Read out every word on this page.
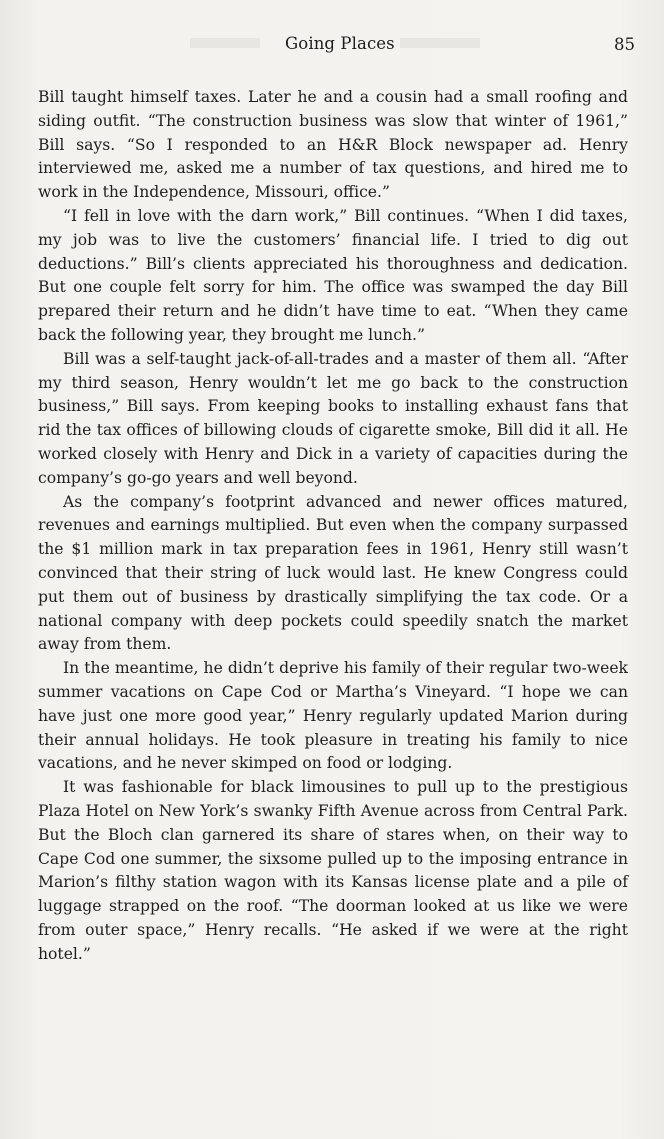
Going Places	85

Bill taught himself taxes. Later he and a cousin had a small roofing and siding outfit. “The construction business was slow that winter of 1961,” Bill says. “So I responded to an H&R Block newspaper ad. Henry interviewed me, asked me a number of tax questions, and hired me to work in the Independence, Missouri, office.”

“I fell in love with the darn work,” Bill continues. “When I did taxes, my job was to live the customers’ financial life. I tried to dig out deductions.” Bill’s clients appreciated his thoroughness and dedication. But one couple felt sorry for him. The office was swamped the day Bill prepared their return and he didn’t have time to eat. “When they came back the following year, they brought me lunch.”

Bill was a self-taught jack-of-all-trades and a master of them all. “After my third season, Henry wouldn’t let me go back to the construction business,” Bill says. From keeping books to installing exhaust fans that rid the tax offices of billowing clouds of cigarette smoke, Bill did it all. He worked closely with Henry and Dick in a variety of capacities during the company’s go-go years and well beyond.

As the company’s footprint advanced and newer offices matured, revenues and earnings multiplied. But even when the company surpassed the $1 million mark in tax preparation fees in 1961, Henry still wasn’t convinced that their string of luck would last. He knew Congress could put them out of business by drastically simplifying the tax code. Or a national company with deep pockets could speedily snatch the market away from them.

In the meantime, he didn’t deprive his family of their regular two-week summer vacations on Cape Cod or Martha’s Vineyard. “I hope we can have just one more good year,” Henry regularly updated Marion during their annual holidays. He took pleasure in treating his family to nice vacations, and he never skimped on food or lodging.

It was fashionable for black limousines to pull up to the prestigious Plaza Hotel on New York’s swanky Fifth Avenue across from Central Park. But the Bloch clan garnered its share of stares when, on their way to Cape Cod one summer, the sixsome pulled up to the imposing entrance in Marion’s filthy station wagon with its Kansas license plate and a pile of luggage strapped on the roof. “The doorman looked at us like we were from outer space,” Henry recalls. “He asked if we were at the right hotel.”
